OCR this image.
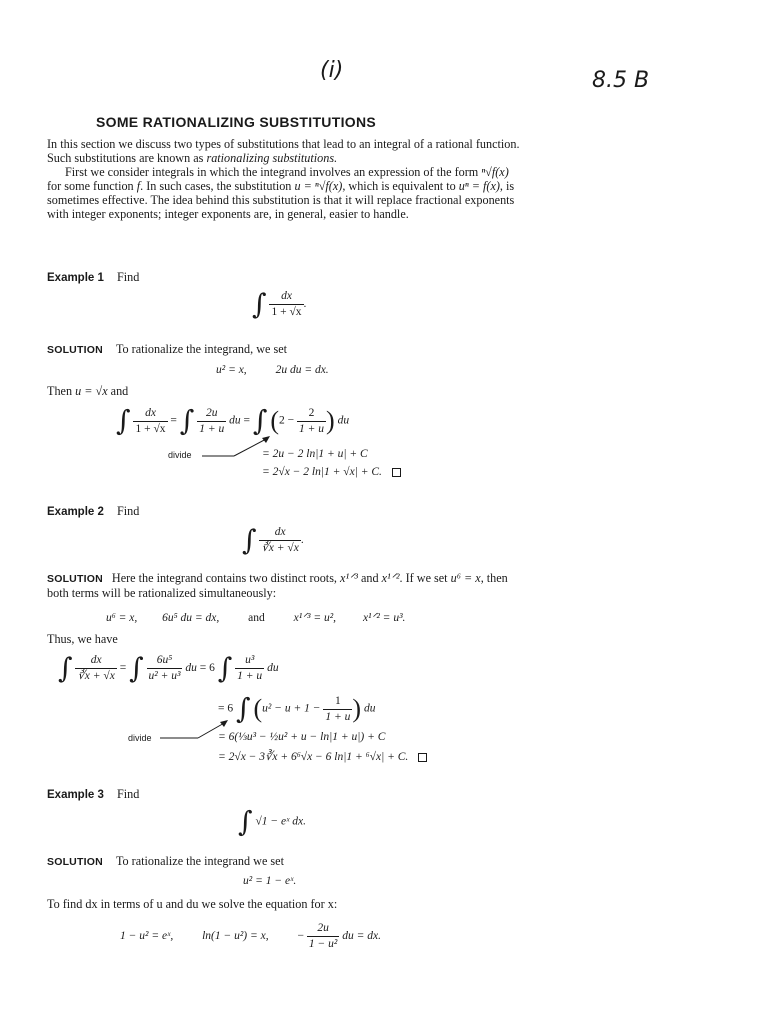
(i)	8.5 B
SOME RATIONALIZING SUBSTITUTIONS

In this section we discuss two types of substitutions that lead to an integral of a rational function. Such substitutions are known as rationalizing substitutions.

First we consider integrals in which the integrand involves an expression of the form ⁿ√f(x) for some function f. In such cases, the substitution u = ⁿ√f(x), which is equivalent to uⁿ = f(x), is sometimes effective. The idea behind this substitution is that it will replace fractional exponents with integer exponents; integer exponents are, in general, easier to handle.

Example 1 Find
∫ $\frac{dx}{1 + √x}$ .
SOLUTION To rationalize the integrand, we set
u² = x,	2u du = dx.
Then u = √x and
∫ $\frac{dx}{1 + √x}$ = ∫ $\frac{2u}{1 + u}$ du = ∫ ($2 - \frac{2}{1 + u}$ ) du
divide	= 2u − 2 ln|1 + u| + C
= 2√x − 2 ln|1 + √x| + C.
Example 2 Find
∫ $\frac{dx}{∛x + √x}$ .
SOLUTION Here the integrand contains two distinct roots, x¹ᐟ³ and x¹ᐟ². If we set u⁶ = x, then both terms will be rationalized simultaneously:
u⁶ = x, 6u⁵ du = dx,	and	x¹ᐟ³ = u², x¹ᐟ² = u³.
Thus, we have
∫ $\frac{dx}{∛x + √x}$ = ∫ $\frac{\text{6u⁵}}{\text{u² + u³}}$ du = 6 ∫ $\frac{\text{u³}}{1 + u}$ du
= 6 ∫ ($u^2 - u + 1 - \frac{1}{1 + u}$ ) du
divide	= 6(⅓u³ − ½u² + u − ln|1 + u|) + C
= 2√x − 3∛x + 6⁶√x − 6 ln|1 + ⁶√x| + C.
Example 3 Find
∫ √1 − eˣ dx.
SOLUTION To rationalize the integrand we set
u² = 1 − eˣ.
To find dx in terms of u and du we solve the equation for x:
1 − u² = eˣ,	ln(1 − u²) = x,	− $\frac{2u}{\text{1 − u²}}$ du = dx.
